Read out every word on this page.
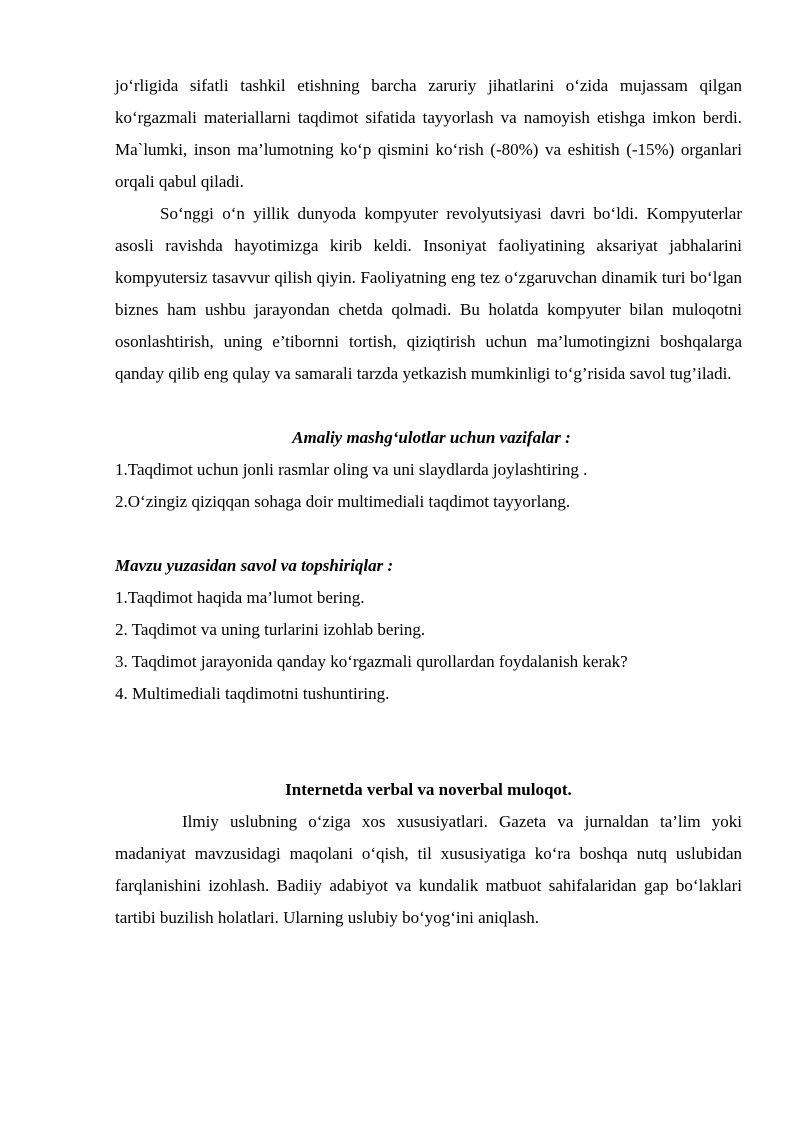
jo‘rligida sifatli tashkil etishning barcha zaruriy jihatlarini o‘zida mujassam qilgan ko‘rgazmali materiallarni taqdimot sifatida tayyorlash va namoyish etishga imkon berdi. Ma`lumki, inson ma’lumotning ko‘p qismini ko‘rish (-80%) va eshitish (-15%) organlari orqali qabul qiladi.

So‘nggi o‘n yillik dunyoda kompyuter revolyutsiyasi davri bo‘ldi. Kompyuterlar asosli ravishda hayotimizga kirib keldi. Insoniyat faoliyatining aksariyat jabhalarini kompyutersiz tasavvur qilish qiyin. Faoliyatning eng tez o‘zgaruvchan dinamik turi bo‘lgan biznes ham ushbu jarayondan chetda qolmadi. Bu holatda kompyuter bilan muloqotni osonlashtirish, uning e’tibornni tortish, qiziqtirish uchun ma’lumotingizni boshqalarga qanday qilib eng qulay va samarali tarzda yetkazish mumkinligi to‘g’risida savol tug’iladi.

Amaliy mashg‘ulotlar uchun vazifalar :

1.Taqdimot uchun jonli rasmlar oling va uni slaydlarda joylashtiring .

2.O‘zingiz qiziqqan sohaga doir multimediali taqdimot tayyorlang.

Mavzu yuzasidan savol va topshiriqlar :

1.Taqdimot haqida ma’lumot bering.

2. Taqdimot va uning turlarini izohlab bering.

3. Taqdimot jarayonida qanday ko‘rgazmali qurollardan foydalanish kerak?

4. Multimediali taqdimotni tushuntiring.

Internetda verbal va noverbal muloqot.

Ilmiy uslubning o‘ziga xos xususiyatlari. Gazeta va jurnaldan ta’lim yoki madaniyat mavzusidagi maqolani o‘qish, til xususiyatiga ko‘ra boshqa nutq uslubidan farqlanishini izohlash. Badiiy adabiyot va kundalik matbuot sahifalaridan gap bo‘laklari tartibi buzilish holatlari. Ularning uslubiy bo‘yog‘ini aniqlash.
